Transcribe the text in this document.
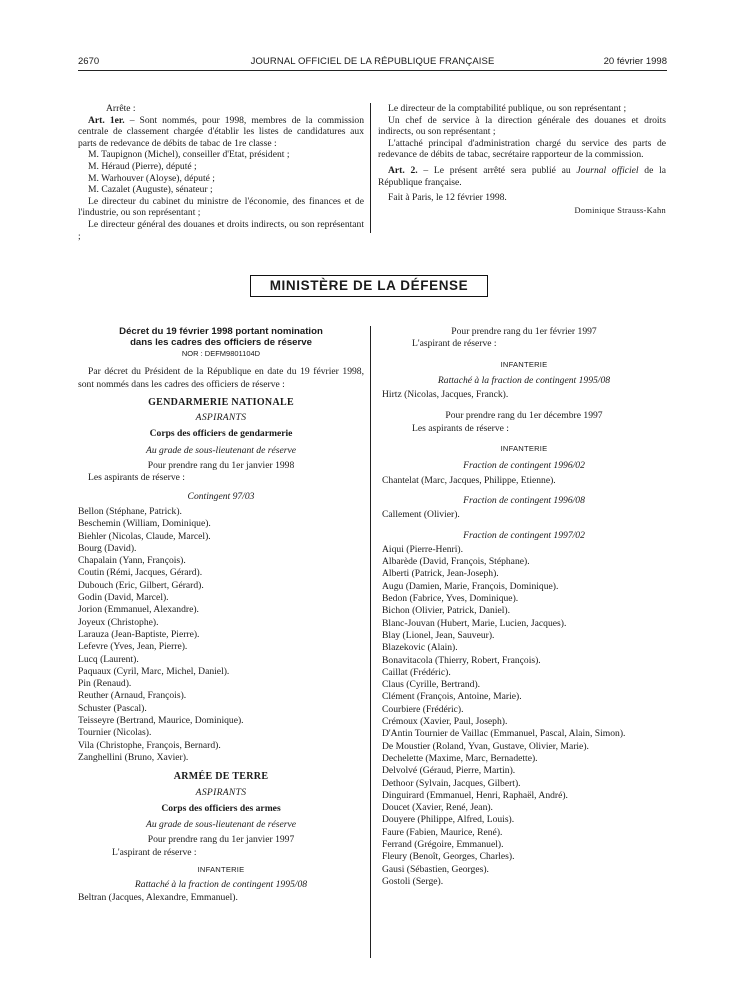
2670	JOURNAL OFFICIEL DE LA RÉPUBLIQUE FRANÇAISE	20 février 1998

Arrête :

Art. 1er. – Sont nommés, pour 1998, membres de la commission centrale de classement chargée d'établir les listes de candidatures aux parts de redevance de débits de tabac de 1re classe :

M. Taupignon (Michel), conseiller d'Etat, président ;

M. Héraud (Pierre), député ;

M. Warhouver (Aloyse), député ;

M. Cazalet (Auguste), sénateur ;

Le directeur du cabinet du ministre de l'économie, des finances et de l'industrie, ou son représentant ;

Le directeur général des douanes et droits indirects, ou son représentant ;

Le directeur de la comptabilité publique, ou son représentant ;

Un chef de service à la direction générale des douanes et droits indirects, ou son représentant ;

L'attaché principal d'administration chargé du service des parts de redevance de débits de tabac, secrétaire rapporteur de la commission.

Art. 2. – Le présent arrêté sera publié au Journal officiel de la République française.

Fait à Paris, le 12 février 1998.

Dominique Strauss-Kahn

MINISTÈRE DE LA DÉFENSE

Décret du 19 février 1998 portant nomination

dans les cadres des officiers de réserve

NOR : DEFM9801104D

Par décret du Président de la République en date du 19 février 1998, sont nommés dans les cadres des officiers de réserve :

GENDARMERIE NATIONALE

ASPIRANTS

Corps des officiers de gendarmerie

Au grade de sous-lieutenant de réserve

Pour prendre rang du 1er janvier 1998

Les aspirants de réserve :

Contingent 97/03

Bellon (Stéphane, Patrick).

Beschemin (William, Dominique).

Biehler (Nicolas, Claude, Marcel).

Bourg (David).

Chapalain (Yann, François).

Coutin (Rémi, Jacques, Gérard).

Dubouch (Eric, Gilbert, Gérard).

Godin (David, Marcel).

Jorion (Emmanuel, Alexandre).

Joyeux (Christophe).

Larauza (Jean-Baptiste, Pierre).

Lefevre (Yves, Jean, Pierre).

Lucq (Laurent).

Paquaux (Cyril, Marc, Michel, Daniel).

Pin (Renaud).

Reuther (Arnaud, François).

Schuster (Pascal).

Teisseyre (Bertrand, Maurice, Dominique).

Tournier (Nicolas).

Vila (Christophe, François, Bernard).

Zanghellini (Bruno, Xavier).

ARMÉE DE TERRE

ASPIRANTS

Corps des officiers des armes

Au grade de sous-lieutenant de réserve

Pour prendre rang du 1er janvier 1997

L'aspirant de réserve :

INFANTERIE

Rattaché à la fraction de contingent 1995/08

Beltran (Jacques, Alexandre, Emmanuel).

Pour prendre rang du 1er février 1997

L'aspirant de réserve :

INFANTERIE

Rattaché à la fraction de contingent 1995/08

Hirtz (Nicolas, Jacques, Franck).

Pour prendre rang du 1er décembre 1997

Les aspirants de réserve :

INFANTERIE

Fraction de contingent 1996/02

Chantelat (Marc, Jacques, Philippe, Etienne).

Fraction de contingent 1996/08

Callement (Olivier).

Fraction de contingent 1997/02

Aiqui (Pierre-Henri).

Albarède (David, François, Stéphane).

Alberti (Patrick, Jean-Joseph).

Augu (Damien, Marie, François, Dominique).

Bedon (Fabrice, Yves, Dominique).

Bichon (Olivier, Patrick, Daniel).

Blanc-Jouvan (Hubert, Marie, Lucien, Jacques).

Blay (Lionel, Jean, Sauveur).

Blazekovic (Alain).

Bonavitacola (Thierry, Robert, François).

Caillat (Frédéric).

Claus (Cyrille, Bertrand).

Clément (François, Antoine, Marie).

Courbiere (Frédéric).

Crémoux (Xavier, Paul, Joseph).

D'Antin Tournier de Vaillac (Emmanuel, Pascal, Alain, Simon).

De Moustier (Roland, Yvan, Gustave, Olivier, Marie).

Dechelette (Maxime, Marc, Bernadette).

Delvolvé (Géraud, Pierre, Martin).

Dethoor (Sylvain, Jacques, Gilbert).

Dinguirard (Emmanuel, Henri, Raphaël, André).

Doucet (Xavier, René, Jean).

Douyere (Philippe, Alfred, Louis).

Faure (Fabien, Maurice, René).

Ferrand (Grégoire, Emmanuel).

Fleury (Benoît, Georges, Charles).

Gausi (Sébastien, Georges).

Gostoli (Serge).
